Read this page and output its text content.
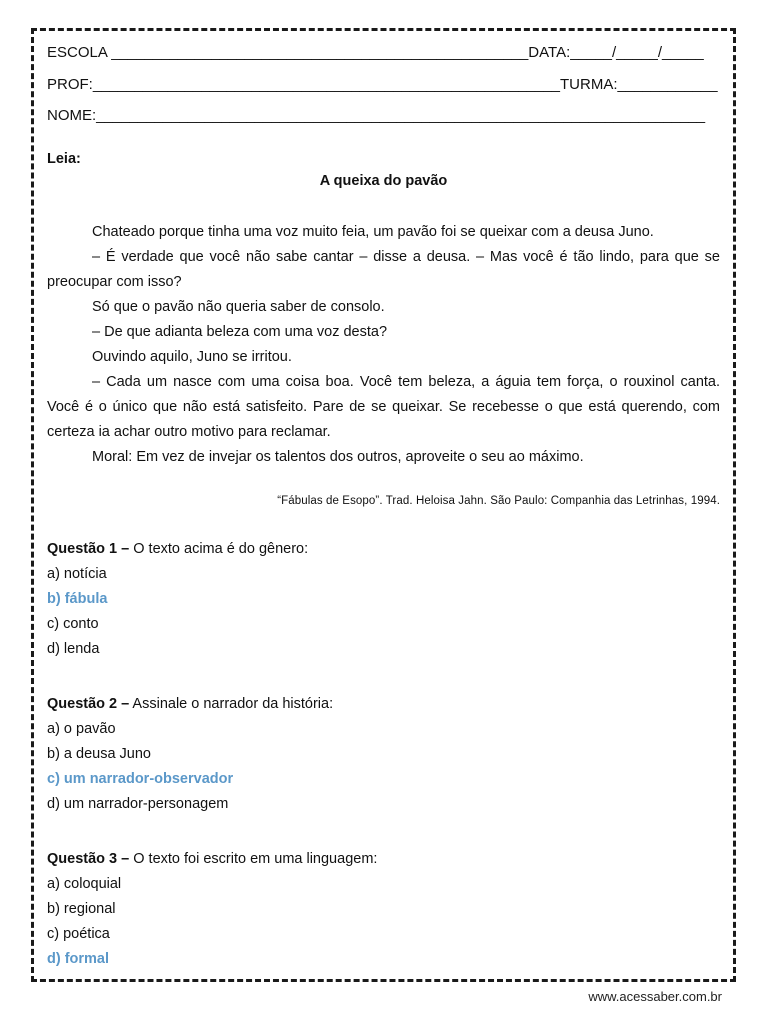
ESCOLA __________________________________________________DATA:_____/_____/_____
PROF:________________________________________________________TURMA:____________
NOME:_________________________________________________________________________
Leia:
A queixa do pavão

Chateado porque tinha uma voz muito feia, um pavão foi se queixar com a deusa Juno.

– É verdade que você não sabe cantar – disse a deusa. – Mas você é tão lindo, para que se preocupar com isso?

Só que o pavão não queria saber de consolo.

– De que adianta beleza com uma voz desta?

Ouvindo aquilo, Juno se irritou.

– Cada um nasce com uma coisa boa. Você tem beleza, a águia tem força, o rouxinol canta. Você é o único que não está satisfeito. Pare de se queixar. Se recebesse o que está querendo, com certeza ia achar outro motivo para reclamar.

Moral: Em vez de invejar os talentos dos outros, aproveite o seu ao máximo.

“Fábulas de Esopo”. Trad. Heloisa Jahn. São Paulo: Companhia das Letrinhas, 1994.
Questão 1 – O texto acima é do gênero:
a) notícia
b) fábula
c) conto
d) lenda
Questão 2 – Assinale o narrador da história:
a) o pavão
b) a deusa Juno
c) um narrador-observador
d) um narrador-personagem
Questão 3 – O texto foi escrito em uma linguagem:
a) coloquial
b) regional
c) poética
d) formal
www.acessaber.com.br
